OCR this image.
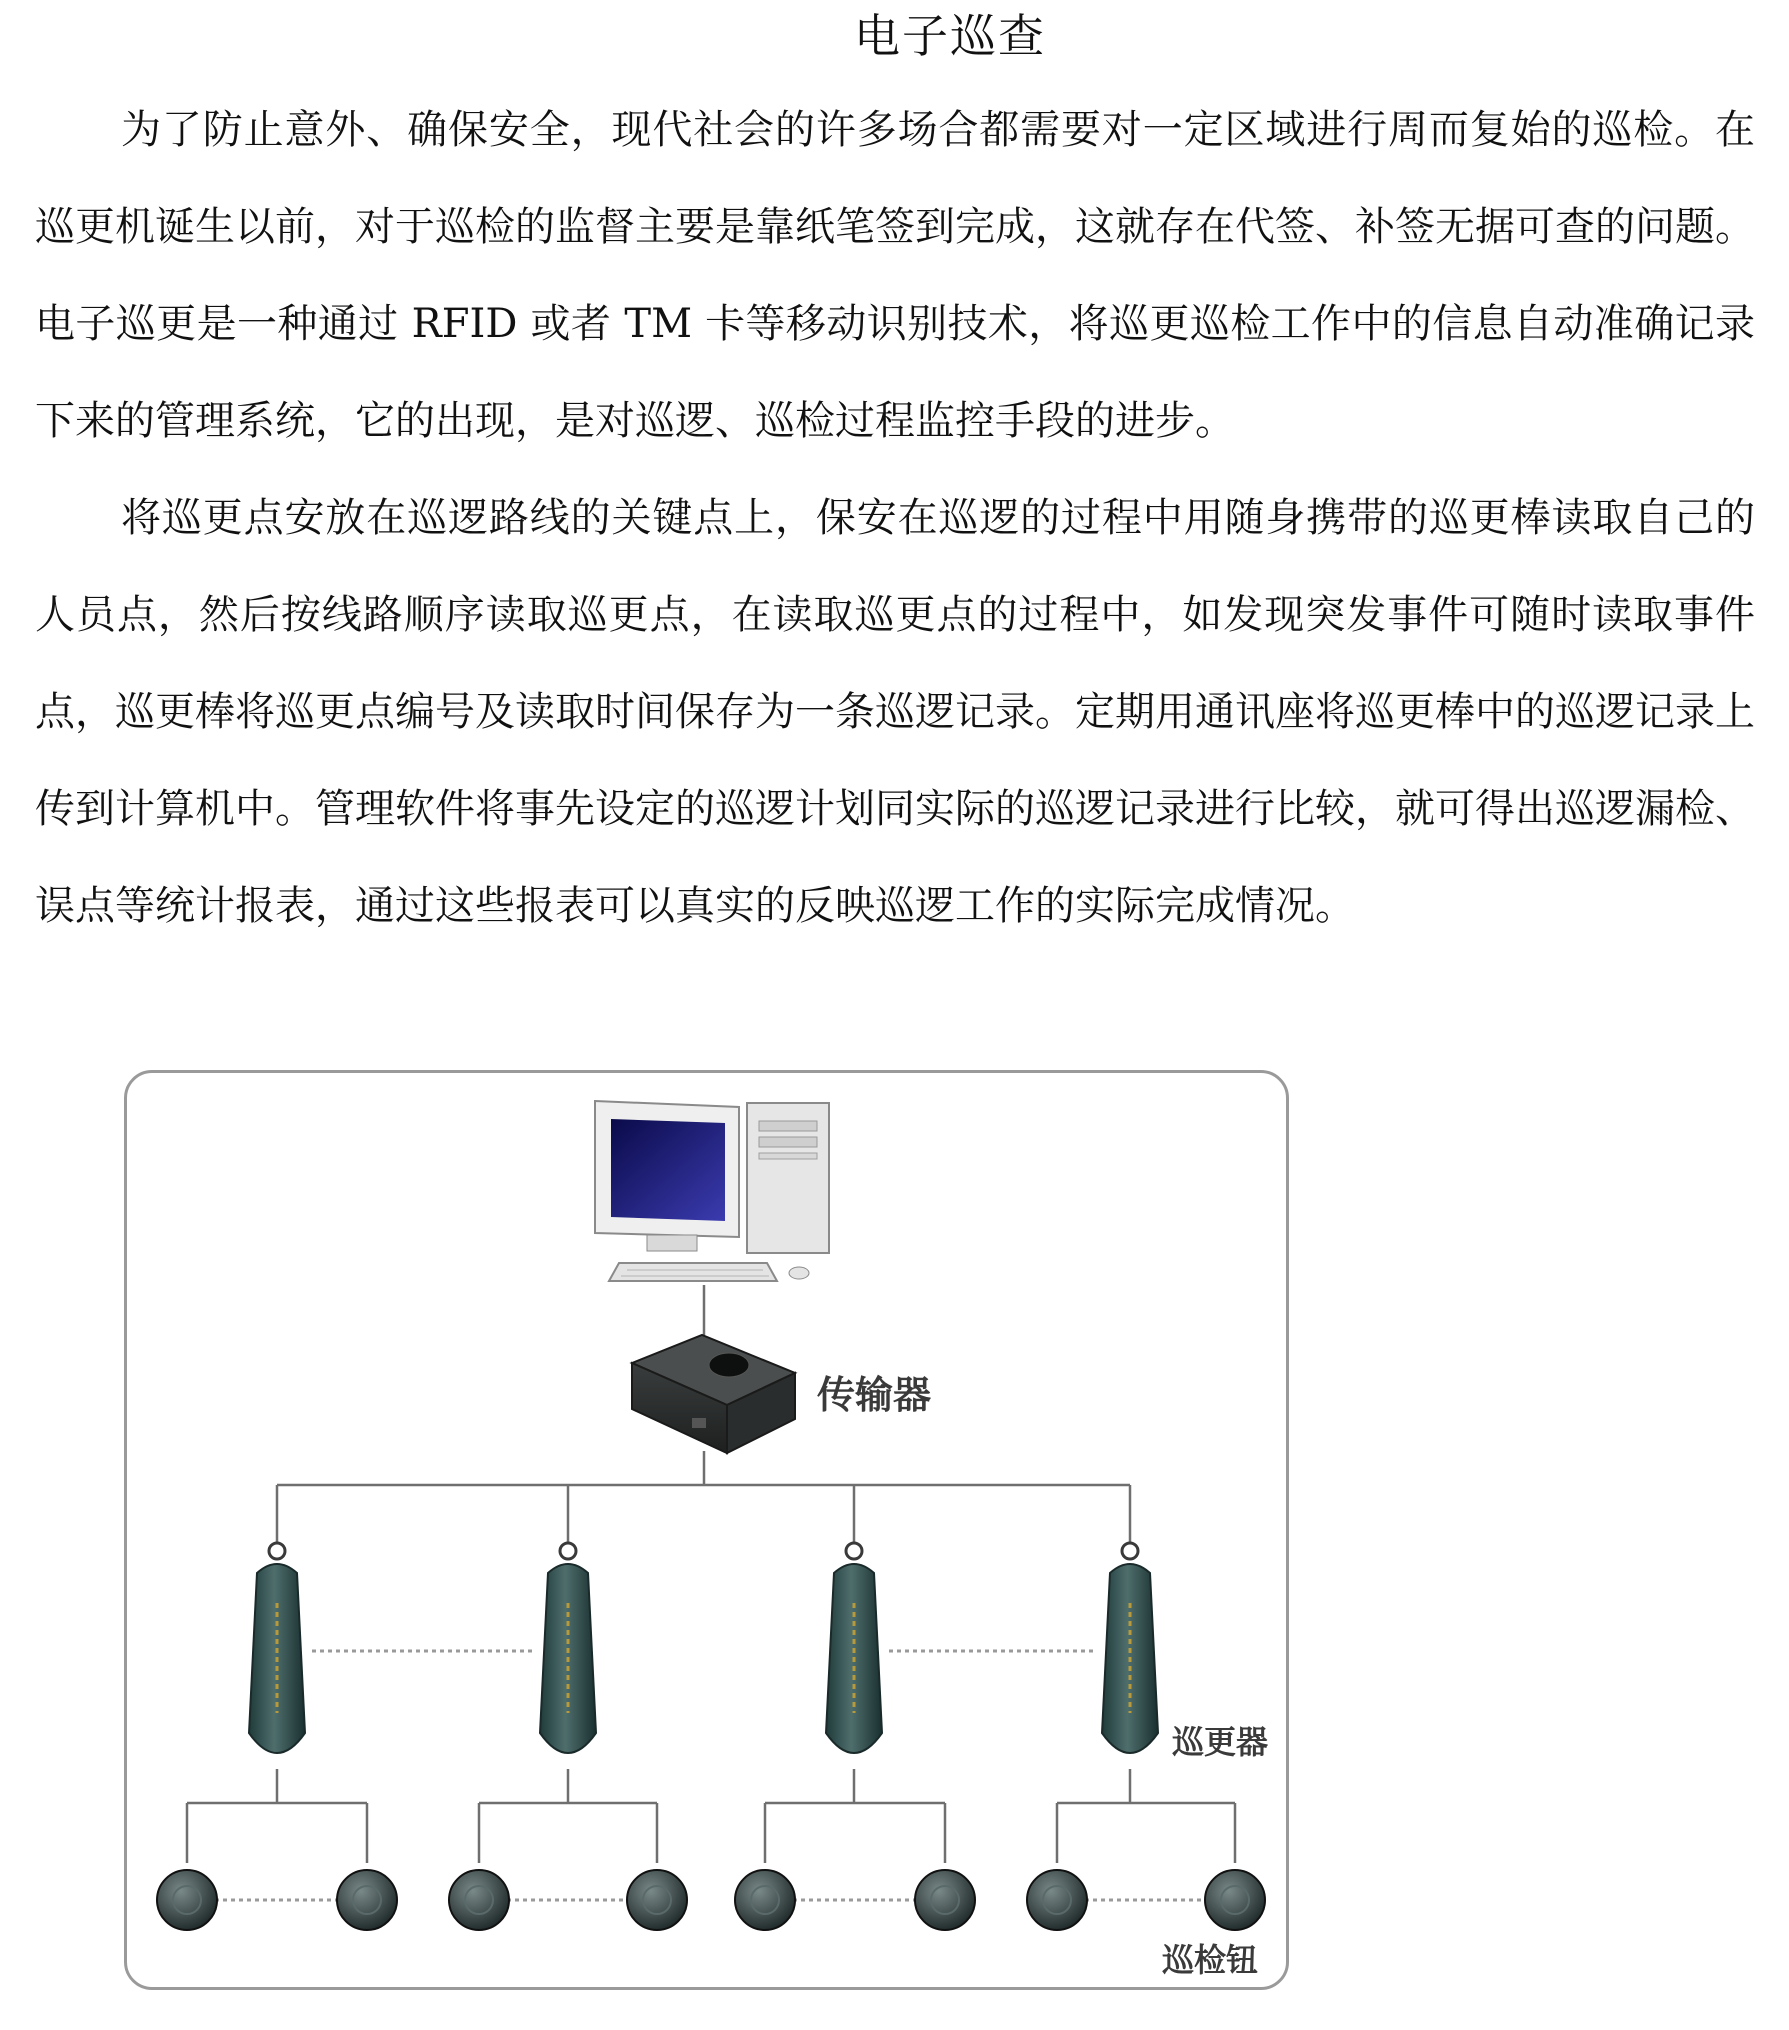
电子巡查

为了防止意外、确保安全，现代社会的许多场合都需要对一定区域进行周而复始的巡检。在巡更机诞生以前，对于巡检的监督主要是靠纸笔签到完成，这就存在代签、补签无据可查的问题。电子巡更是一种通过 RFID 或者 TM 卡等移动识别技术，将巡更巡检工作中的信息自动准确记录下来的管理系统，它的出现，是对巡逻、巡检过程监控手段的进步。

将巡更点安放在巡逻路线的关键点上，保安在巡逻的过程中用随身携带的巡更棒读取自己的人员点，然后按线路顺序读取巡更点，在读取巡更点的过程中，如发现突发事件可随时读取事件点，巡更棒将巡更点编号及读取时间保存为一条巡逻记录。定期用通讯座将巡更棒中的巡逻记录上传到计算机中。管理软件将事先设定的巡逻计划同实际的巡逻记录进行比较，就可得出巡逻漏检、误点等统计报表，通过这些报表可以真实的反映巡逻工作的实际完成情况。

传输器
巡更器
巡检钮
